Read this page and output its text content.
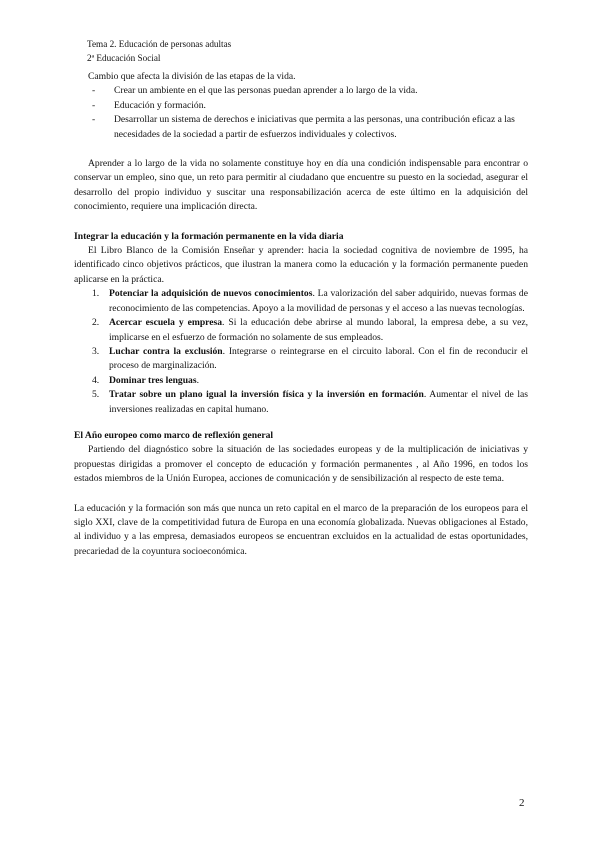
Tema 2. Educación de personas adultas
2ª Educación Social
Cambio que afecta la división de las etapas de la vida.
- Crear un ambiente en el que las personas puedan aprender a lo largo de la vida.
- Educación y formación.
- Desarrollar un sistema de derechos e iniciativas que permita a las personas, una contribución eficaz a las necesidades de la sociedad a partir de esfuerzos individuales y colectivos.
Aprender a lo largo de la vida no solamente constituye hoy en día una condición indispensable para encontrar o conservar un empleo, sino que, un reto para permitir al ciudadano que encuentre su puesto en la sociedad, asegurar el desarrollo del propio individuo y suscitar una responsabilización acerca de este último en la adquisición del conocimiento, requiere una implicación directa.
Integrar la educación y la formación permanente en la vida diaria
El Libro Blanco de la Comisión Enseñar y aprender: hacia la sociedad cognitiva de noviembre de 1995, ha identificado cinco objetivos prácticos, que ilustran la manera como la educación y la formación permanente pueden aplicarse en la práctica.
1. Potenciar la adquisición de nuevos conocimientos. La valorización del saber adquirido, nuevas formas de reconocimiento de las competencias. Apoyo a la movilidad de personas y el acceso a las nuevas tecnologías.
2. Acercar escuela y empresa. Si la educación debe abrirse al mundo laboral, la empresa debe, a su vez, implicarse en el esfuerzo de formación no solamente de sus empleados.
3. Luchar contra la exclusión. Integrarse o reintegrarse en el circuito laboral. Con el fin de reconducir el proceso de marginalización.
4. Dominar tres lenguas.
5. Tratar sobre un plano igual la inversión física y la inversión en formación. Aumentar el nivel de las inversiones realizadas en capital humano.
El Año europeo como marco de reflexión general
Partiendo del diagnóstico sobre la situación de las sociedades europeas y de la multiplicación de iniciativas y propuestas dirigidas a promover el concepto de educación y formación permanentes , al Año 1996, en todos los estados miembros de la Unión Europea, acciones de comunicación y de sensibilización al respecto de este tema.
La educación y la formación son más que nunca un reto capital en el marco de la preparación de los europeos para el siglo XXI, clave de la competitividad futura de Europa en una economía globalizada. Nuevas obligaciones al Estado, al individuo y a las empresa, demasiados europeos se encuentran excluidos en la actualidad de estas oportunidades, precariedad de la coyuntura socioeconómica.
2
